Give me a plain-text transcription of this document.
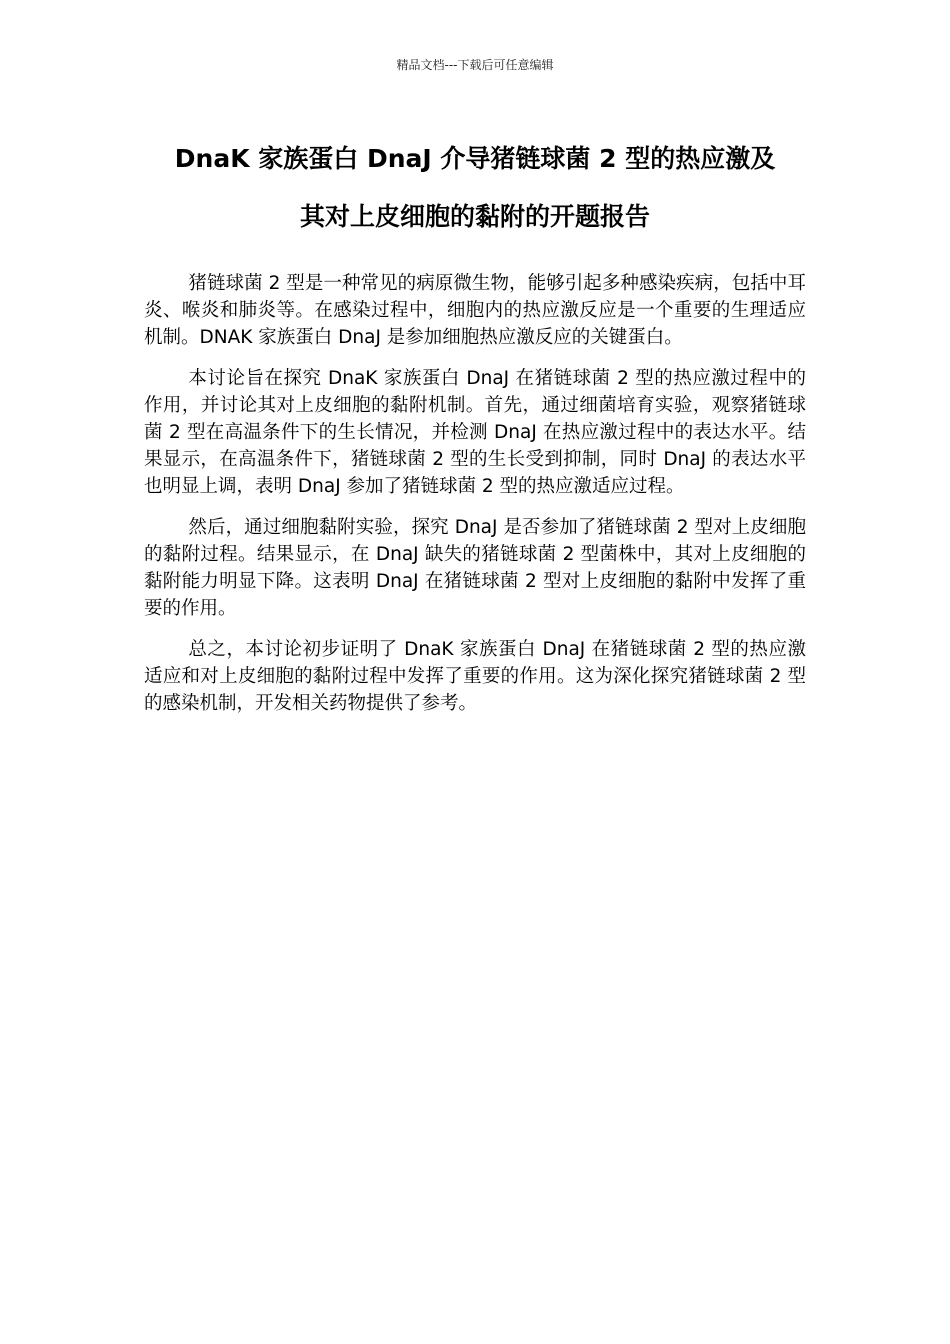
精品文档---下载后可任意编辑
DnaK 家族蛋白 DnaJ 介导猪链球菌 2 型的热应激及
其对上皮细胞的黏附的开题报告

猪链球菌 2 型是一种常见的病原微生物，能够引起多种感染疾病，包括中耳炎、喉炎和肺炎等。在感染过程中，细胞内的热应激反应是一个重要的生理适应机制。DNAK 家族蛋白 DnaJ 是参加细胞热应激反应的关键蛋白。

本讨论旨在探究 DnaK 家族蛋白 DnaJ 在猪链球菌 2 型的热应激过程中的作用，并讨论其对上皮细胞的黏附机制。首先，通过细菌培育实验，观察猪链球菌 2 型在高温条件下的生长情况，并检测 DnaJ 在热应激过程中的表达水平。结果显示，在高温条件下，猪链球菌 2 型的生长受到抑制，同时 DnaJ 的表达水平也明显上调，表明 DnaJ 参加了猪链球菌 2 型的热应激适应过程。

然后，通过细胞黏附实验，探究 DnaJ 是否参加了猪链球菌 2 型对上皮细胞的黏附过程。结果显示，在 DnaJ 缺失的猪链球菌 2 型菌株中，其对上皮细胞的黏附能力明显下降。这表明 DnaJ 在猪链球菌 2 型对上皮细胞的黏附中发挥了重要的作用。

总之，本讨论初步证明了 DnaK 家族蛋白 DnaJ 在猪链球菌 2 型的热应激适应和对上皮细胞的黏附过程中发挥了重要的作用。这为深化探究猪链球菌 2 型的感染机制，开发相关药物提供了参考。
